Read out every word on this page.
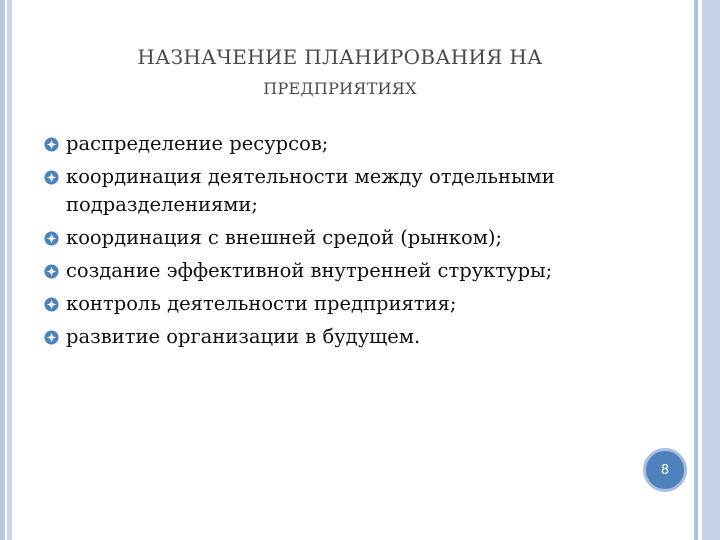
НАЗНАЧЕНИЕ ПЛАНИРОВАНИЯ НА
ПРЕДПРИЯТИЯХ
распределение ресурсов;
координация деятельности между отдельными подразделениями;
координация с внешней средой (рынком);
создание эффективной внутренней структуры;
контроль деятельности предприятия;
развитие организации в будущем.
8
